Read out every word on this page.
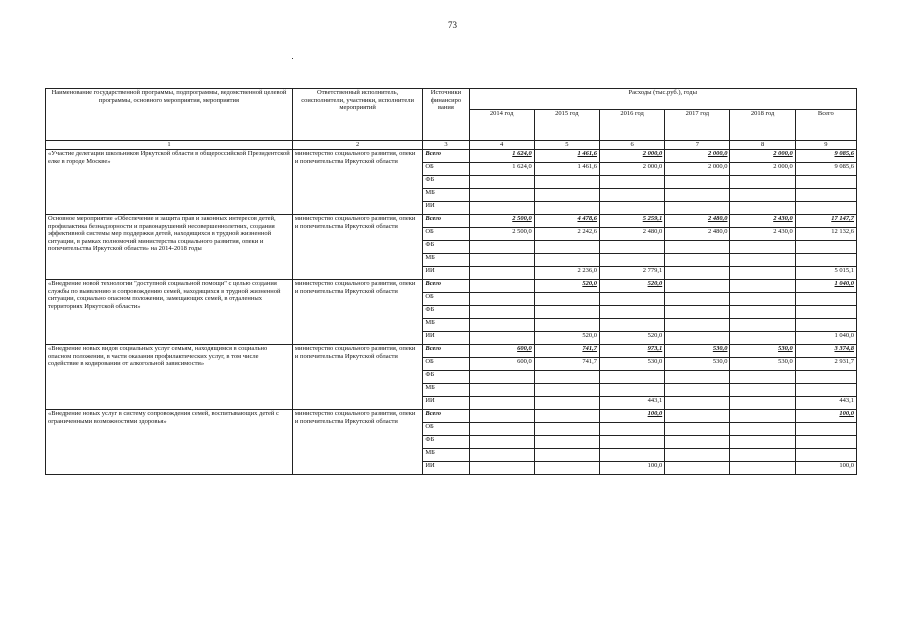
73
Наименование государственной программы, подпрограммы, ведомственной целевой программы, основного мероприятия, мероприятия	Ответственный исполнитель, соисполнители, участники, исполнители мероприятий	Источники финансиро вания	Расходы (тыс.руб.), годы					
			2014 год	2015 год	2016 год	2017 год	2018 год	Всего
1	2	3	4	5	6	7	8	9
«Участие делегации школьников Иркутской области в общероссийской Президентской елке в городе Москве»	министерство социального развития, опеки и попечительства Иркутской области	Всего	1 624,0	1 461,6	2 000,0	2 000,0	2 000,0	9 085,6
		ОБ	1 624,0	1 461,6	2 000,0	2 000,0	2 000,0	9 085,6
		ФБ						
		МБ						
		ИИ						
Основное мероприятие «Обеспечение и защита прав и законных интересов детей, профилактика безнадзорности и правонарушений несовершеннолетних, создания эффективной системы мер поддержки детей, находящихся в трудной жизненной ситуации, в рамках полномочий министерства социального развития, опеки и попечительства Иркутской области» на 2014-2018 годы	министерство социального развития, опеки и попечительства Иркутской области	Всего	2 500,0	4 478,6	5 259,1	2 480,0	2 430,0	17 147,7
		ОБ	2 500,0	2 242,6	2 480,0	2 480,0	2 430,0	12 132,6
		ФБ						
		МБ						
		ИИ		2 236,0	2 779,1			5 015,1
«Внедрение новой технологии "доступной социальной помощи" с целью создания службы по выявлению и сопровождению семей, находящихся в трудной жизненной ситуации, социально опасном положении, замещающих семей, в отдаленных территориях Иркутской области»	министерство социального развития, опеки и попечительства Иркутской области	Всего		520,0	520,0			1 040,0
		ОБ						
		ФБ						
		МБ						
		ИИ		520,0	520,0			1 040,0
«Внедрение новых видов социальных услуг семьям, находящимся в социально опасном положении, в части оказания профилактических услуг, в том числе содействие в кодировании от алкогольной зависимости»	министерство социального развития, опеки и попечительства Иркутской области	Всего	600,0	741,7	973,1	530,0	530,0	3 374,8
		ОБ	600,0	741,7	530,0	530,0	530,0	2 931,7
		ФБ						
		МБ						
		ИИ			443,1			443,1
«Внедрение новых услуг в систему сопровождения семей, воспитывающих детей с ограниченными возможностями здоровья»	министерство социального развития, опеки и попечительства Иркутской области	Всего			100,0			100,0
		ОБ						
		ФБ						
		МБ						
		ИИ			100,0			100,0
